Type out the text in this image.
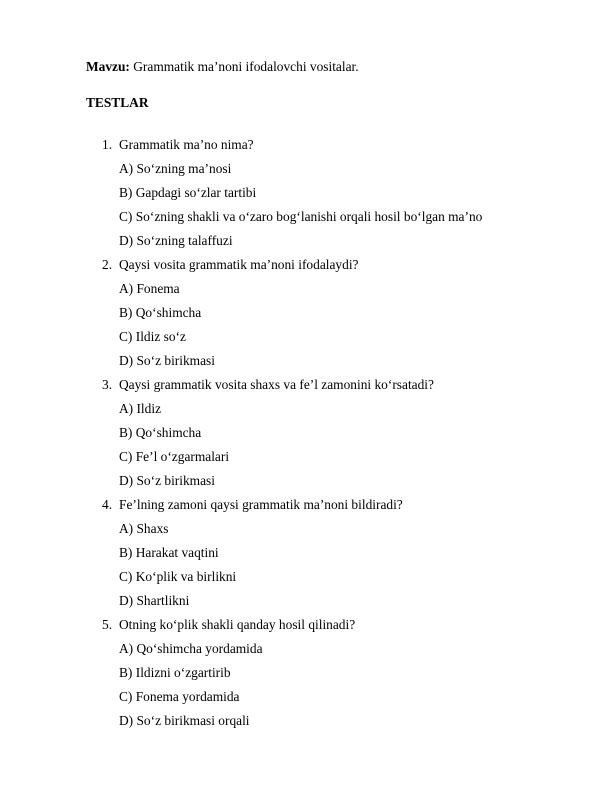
Mavzu: Grammatik ma’noni ifodalovchi vositalar.
TESTLAR
1. Grammatik ma’no nima?
A) So‘zning ma’nosi
B) Gapdagi so‘zlar tartibi
C) So‘zning shakli va o‘zaro bog‘lanishi orqali hosil bo‘lgan ma’no
D) So‘zning talaffuzi
2. Qaysi vosita grammatik ma’noni ifodalaydi?
A) Fonema
B) Qo‘shimcha
C) Ildiz so‘z
D) So‘z birikmasi
3. Qaysi grammatik vosita shaxs va fe’l zamonini ko‘rsatadi?
A) Ildiz
B) Qo‘shimcha
C) Fe’l o‘zgarmalari
D) So‘z birikmasi
4. Fe’lning zamoni qaysi grammatik ma’noni bildiradi?
A) Shaxs
B) Harakat vaqtini
C) Ko‘plik va birlikni
D) Shartlikni
5. Otning ko‘plik shakli qanday hosil qilinadi?
A) Qo‘shimcha yordamida
B) Ildizni o‘zgartirib
C) Fonema yordamida
D) So‘z birikmasi orqali
